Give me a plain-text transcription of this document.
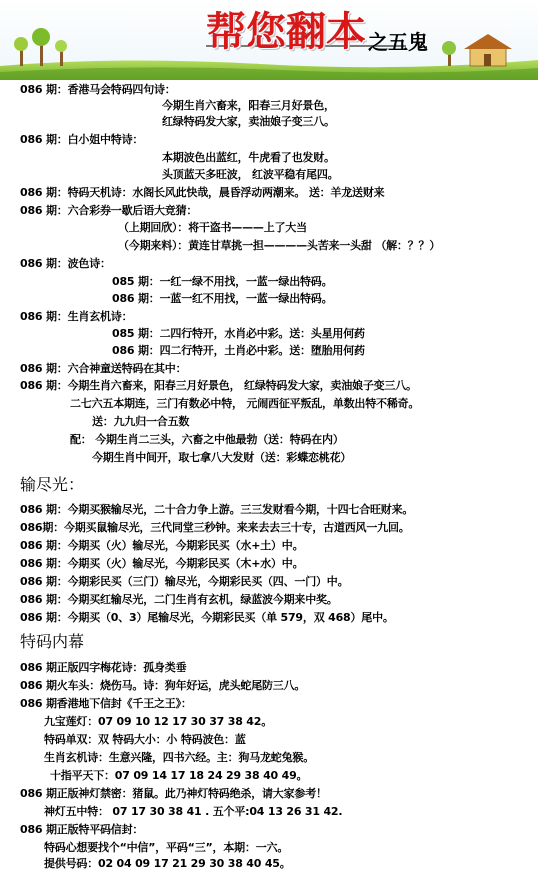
帮您翻本 之五鬼
086 期：香港马会特码四句诗：
今期生肖六畜来，阳春三月好景色，
红绿特码发大家，卖油娘子变三八。
086 期：白小姐中特诗：
本期波色出蓝红，牛虎看了也发财。
头顶蓝天多旺波， 红波平稳有尾四。
086 期：特码天机诗：水阁长风此快哉，晨昏浮动两潮来。 送：羊龙送财来
086 期：六合彩券一歇后语大竞猜：
（上期回欣）：将干盗书———上了大当
（今期来料）：黄连甘草挑一担————头苦来一头甜 （解：？？）
086 期：波色诗：
085 期：一红一绿不用找，一蓝一绿出特码。
086 期：一蓝一红不用找，一蓝一绿出特码。
086 期：生肖玄机诗：
085 期：二四行特开，水肖必中彩。送：头星用何药
086 期：四二行特开，土肖必中彩。送：堕胎用何药
086 期：六合神童送特码在其中：
086 期：今期生肖六畜来，阳春三月好景色， 红绿特码发大家，卖油娘子变三八。
二七六五本期连，三门有数必中特， 元闹西征平叛乱，单数出特不稀奇。
送：九九归一合五数
配： 今期生肖二三头，六畜之中他最勃（送：特码在内）
今期生肖中间开，取七拿八大发财（送：彩蝶恋桃花）
输尽光：
086 期：今期买猴输尽光，二十合力争上游。三三发财看今期，十四七合旺财来。
086期：今期买鼠输尽光，三代同堂三秒钟。来来去去三十专，古道西风一九回。
086 期：今期买（火）输尽光，今期彩民买（水+土）中。
086 期：今期买（火）输尽光，今期彩民买（木+水）中。
086 期：今期彩民买（三门）输尽光，今期彩民买（四、一门）中。
086 期：今期买红输尽光，二门生肖有玄机，绿蓝波今期来中奖。
086 期：今期买（0、3）尾输尽光，今期彩民买（单 579，双 468）尾中。
特码内幕
086 期正版四字梅花诗：孤身类垂
086 期火车头：烧伤马。诗：狗年好运，虎头蛇尾防三八。
086 期香港地下信封《千王之王》：
九宝莲灯：07 09 10 12 17 30 37 38 42。
特码单双：双 特码大小：小 特码波色：蓝
生肖玄机诗：生意兴隆，四书六经。主：狗马龙蛇兔猴。
十指平天下：07 09 14 17 18 24 29 38 40 49。
086 期正版神灯禁密：猪鼠。此乃神灯特码绝杀，请大家参考！
神灯五中特： 07 17 30 38 41 . 五个平:04 13 26 31 42.
086 期正版特平码信封：
特码心想要找个“中信”，平码“三”，本期：一六。
提供号码：02 04 09 17 21 29 30 38 40 45。
